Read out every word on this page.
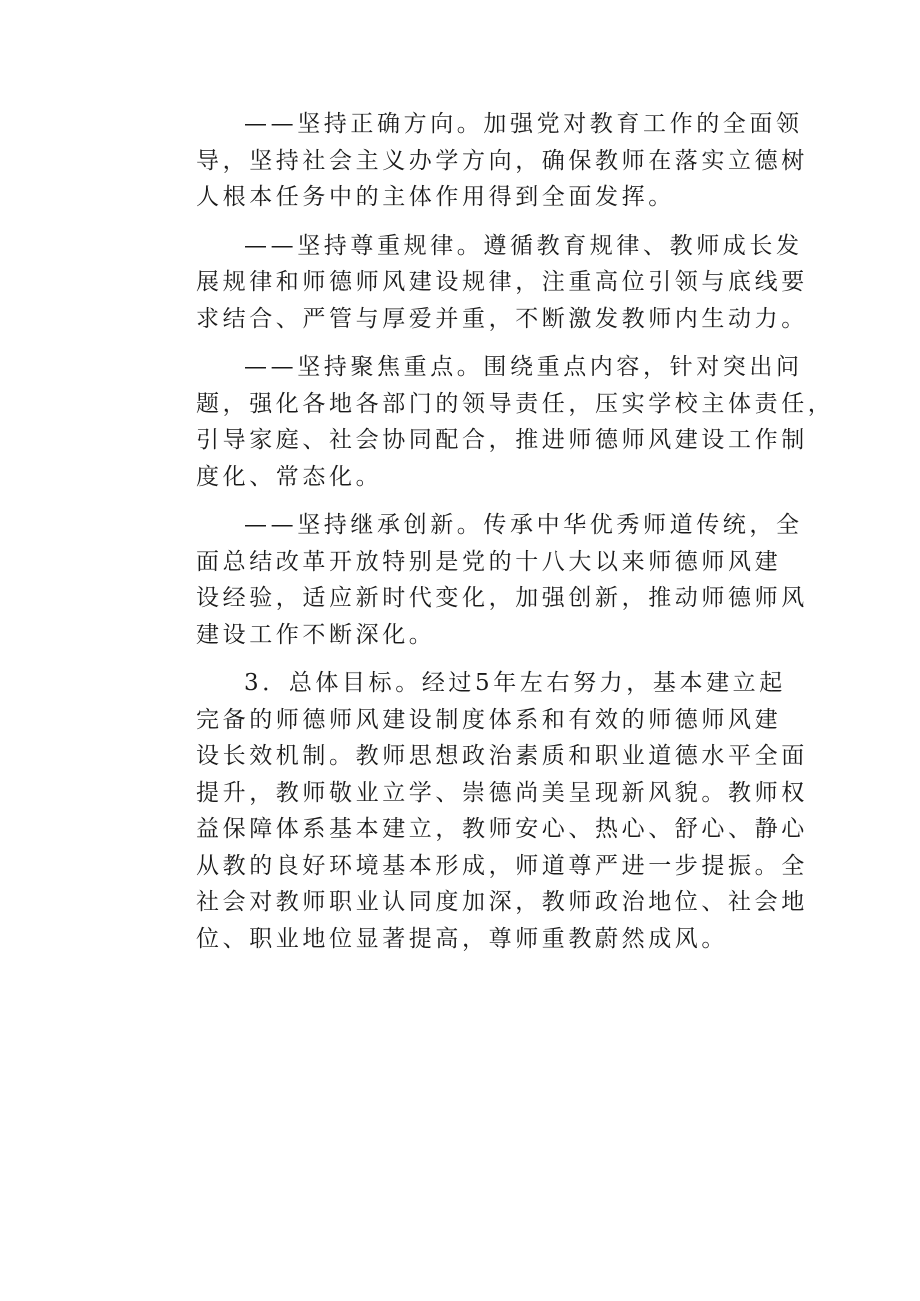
——坚持正确方向。加强党对教育工作的全面领
导，坚持社会主义办学方向，确保教师在落实立德树
人根本任务中的主体作用得到全面发挥。

——坚持尊重规律。遵循教育规律、教师成长发
展规律和师德师风建设规律，注重高位引领与底线要
求结合、严管与厚爱并重，不断激发教师内生动力。

——坚持聚焦重点。围绕重点内容，针对突出问
题，强化各地各部门的领导责任，压实学校主体责任，
引导家庭、社会协同配合，推进师德师风建设工作制
度化、常态化。

——坚持继承创新。传承中华优秀师道传统，全
面总结改革开放特别是党的十八大以来师德师风建
设经验，适应新时代变化，加强创新，推动师德师风
建设工作不断深化。

3．总体目标。经过5年左右努力，基本建立起
完备的师德师风建设制度体系和有效的师德师风建
设长效机制。教师思想政治素质和职业道德水平全面
提升，教师敬业立学、崇德尚美呈现新风貌。教师权
益保障体系基本建立，教师安心、热心、舒心、静心
从教的良好环境基本形成，师道尊严进一步提振。全
社会对教师职业认同度加深，教师政治地位、社会地
位、职业地位显著提高，尊师重教蔚然成风。
